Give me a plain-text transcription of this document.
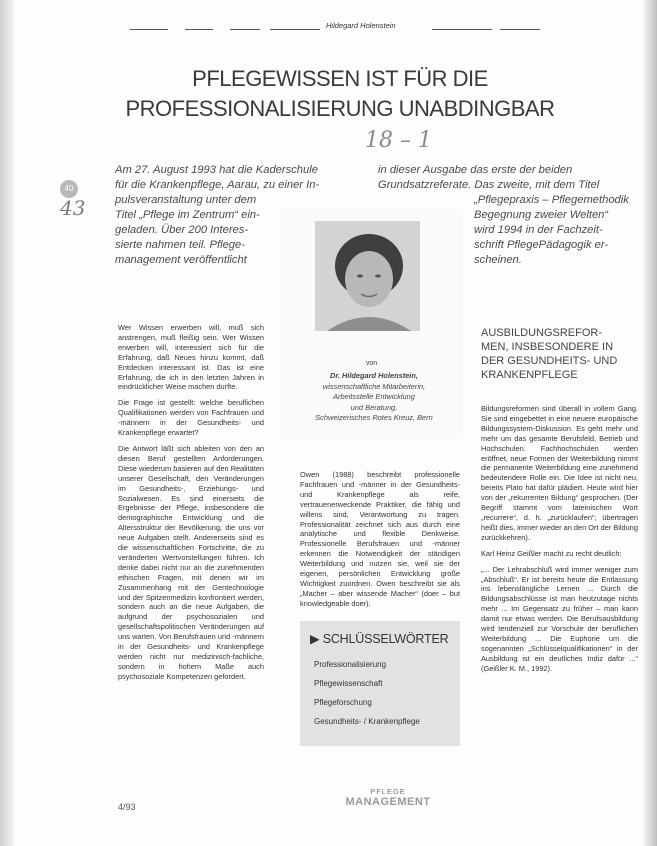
Hildegard Holenstein
PFLEGEWISSEN IST FÜR DIE
PROFESSIONALISIERUNG UNABDINGBAR
18 – 1
40
43
Am 27. August 1993 hat die Kaderschule
für die Krankenpflege, Aarau, zu einer In-
pulsveranstaltung unter dem
Titel „Pflege im Zentrum“ ein-
geladen. Über 200 Interes-
sierte nahmen teil. Pflege-
management veröffentlicht
in dieser Ausgabe das erste der beiden
Grundsatzreferate. Das zweite, mit dem Titel
„Pflegepraxis – Pflegemethodik
Begegnung zweier Welten“
wird 1994 in der Fachzeit-
schrift PflegePädagogik er-
scheinen.
von
Dr. Hildegard Holenstein,
wissenschaftliche Mitarbeiterin,
Arbeitsstelle Entwicklung
und Beratung,
Schweizerisches Rotes Kreuz, Bern

Wer Wissen erwerben will, muß sich anstrengen, muß fleißig sein. Wer Wissen erwerben will, interessiert sich für die Erfahrung, daß Neues hinzu kommt, daß Entdecken interessant ist. Das ist eine Erfahrung, die ich in den letzten Jahren in eindrücklicher Weise machen durfte.

Die Frage ist gestellt: welche beruflichen Qualifikationen werden von Fachfrauen und -männern in der Gesundheits- und Krankenpflege erwartet?

Die Antwort läßt sich ableiten von den an diesen Beruf gestellten Anforderungen. Diese wiederum basieren auf den Realitäten unserer Gesellschaft, den Veränderungen im Gesundheits-, Erziehungs- und Sozialwesen. Es sind einerseits die Ergebnisse der Pflege, insbesondere die demographische Entwicklung und die Altersstruktur der Bevölkerung, die uns vor neue Aufgaben stellt. Andererseits sind es die wissenschaftlichen Fortschritte, die zu veränderten Wertvorstellungen führen. Ich denke dabei nicht nur an die zunehmenden ethischen Fragen, mit denen wir im Zusammenhang mit der Gentechnologie und der Spitzenmedizin konfrontiert werden, sondern auch an die neue Aufgaben, die aufgrund der psychosozialen und gesellschaftspolitischen Veränderungen auf uns warten. Von Berufsfrauen und -männern in der Gesundheits- und Krankenpflege werden nicht nur medizinisch-fachliche, sondern in hohem Maße auch psychosoziale Kompetenzen gefordert.

Owen (1988) beschreibt professionelle Fachfrauen und -männer in der Gesundheits- und Krankenpflege als reife, vertrauenerweckende Praktiker, die fähig und willens sind, Verantwortung zu tragen. Professionalität zeichnet sich aus durch eine analytische und flexible Denkweise. Professionelle Berufsfrauen und -männer erkennen die Notwendigkeit der ständigen Weiterbildung und nutzen sie, weil sie der eigenen, persönlichen Entwicklung große Wichtigkeit zuordnen. Owen beschreibt sie als „Macher – aber wissende Macher“ (doer – but knowledgeable doer).

AUSBILDUNGSREFOR-
MEN, INSBESONDERE IN
DER GESUNDHEITS- UND
KRANKENPFLEGE

Bildungsreformen sind überall in vollem Gang. Sie sind eingebettet in eine neuere europäische Bildungssystem-Diskussion. Es geht mehr und mehr um das gesamte Berufsfeld, Betrieb und Hochschulen. Fachhochschulen werden eröffnet, neue Formen der Weiterbildung nimmt die permanente Weiterbildung eine zunehmend bedeutendere Rolle ein. Die Idee ist nicht neu, bereits Plato hat dafür plädiert. Heute wird hier von der „rekurrenten Bildung“ gesprochen. (Der Begriff stammt vom lateinischen Wort „recurrere“, d. h. „zurücklaufen“; übertragen heißt dies, immer wieder an den Ort der Bildung zurückkehren).

Karl Heinz Geißler macht zu recht deutlich:

„... Der Lehrabschluß wird immer weniger zum „Abschluß“. Er ist bereits heute die Entlassung ins lebenslängliche Lernen ... Durch die Bildungsabschlüsse ist man heutzutage nichts mehr ... Im Gegensatz zu früher – man kann damit nur etwas werden. Die Berufsausbildung wird tendenziell zur Vorschule der beruflichen Weiterbildung ... Die Euphorie um die sogenannten „Schlüsselqualifikationen“ in der Ausbildung ist ein deutliches Indiz dafür ...“ (Geißler K. M., 1992).

▶ SCHLÜSSELWÖRTER
Professionalisierung
Pflegewissenschaft
Pflegeforschung
Gesundheits- / Krankenpflege
4/93
PFLEGE
MANAGEMENT
